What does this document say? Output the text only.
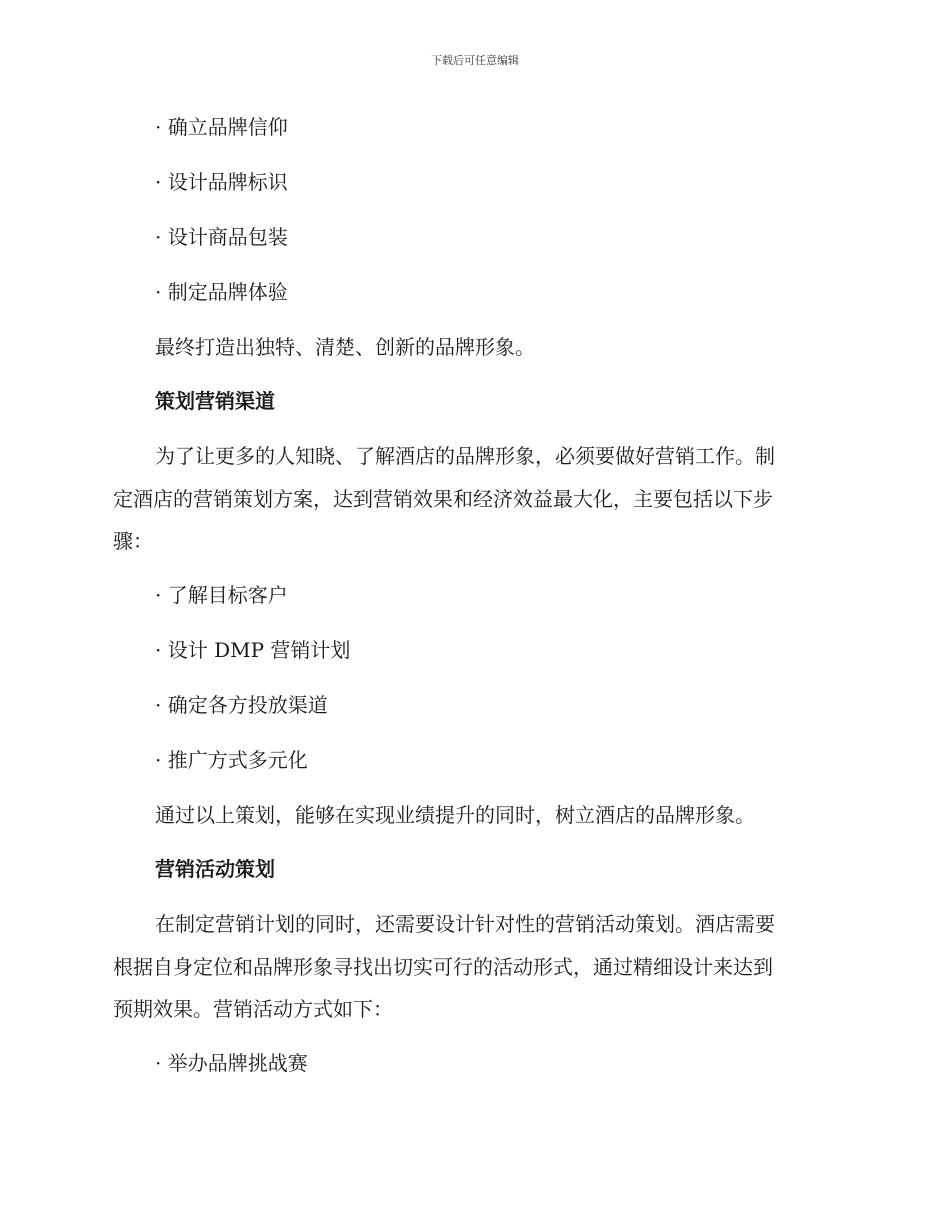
下载后可任意编辑
· 确立品牌信仰
· 设计品牌标识
· 设计商品包装
· 制定品牌体验
最终打造出独特、清楚、创新的品牌形象。
策划营销渠道
为了让更多的人知晓、了解酒店的品牌形象，必须要做好营销工作。制
定酒店的营销策划方案，达到营销效果和经济效益最大化，主要包括以下步
骤：
· 了解目标客户
· 设计 DMP 营销计划
· 确定各方投放渠道
· 推广方式多元化
通过以上策划，能够在实现业绩提升的同时，树立酒店的品牌形象。
营销活动策划
在制定营销计划的同时，还需要设计针对性的营销活动策划。酒店需要
根据自身定位和品牌形象寻找出切实可行的活动形式，通过精细设计来达到
预期效果。营销活动方式如下：
· 举办品牌挑战赛
